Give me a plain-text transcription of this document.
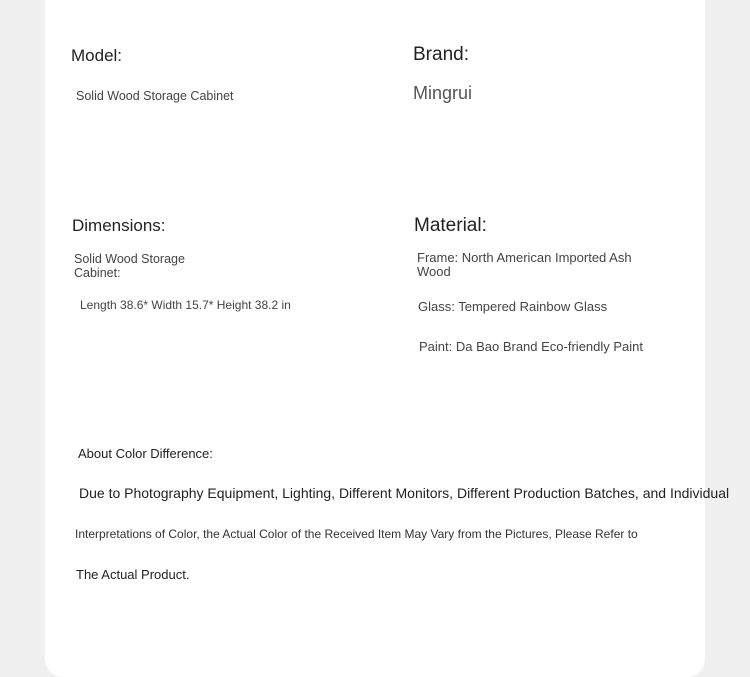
Model:
Solid Wood Storage Cabinet
Brand:
Mingrui
Dimensions:
Solid Wood Storage Cabinet:
Length 38.6* Width 15.7* Height 38.2 in
Material:
Frame: North American Imported Ash Wood
Glass: Tempered Rainbow Glass
Paint: Da Bao Brand Eco-friendly Paint
About Color Difference:
Due to Photography Equipment, Lighting, Different Monitors, Different Production Batches, and Individual
Interpretations of Color, the Actual Color of the Received Item May Vary from the Pictures, Please Refer to
The Actual Product.
